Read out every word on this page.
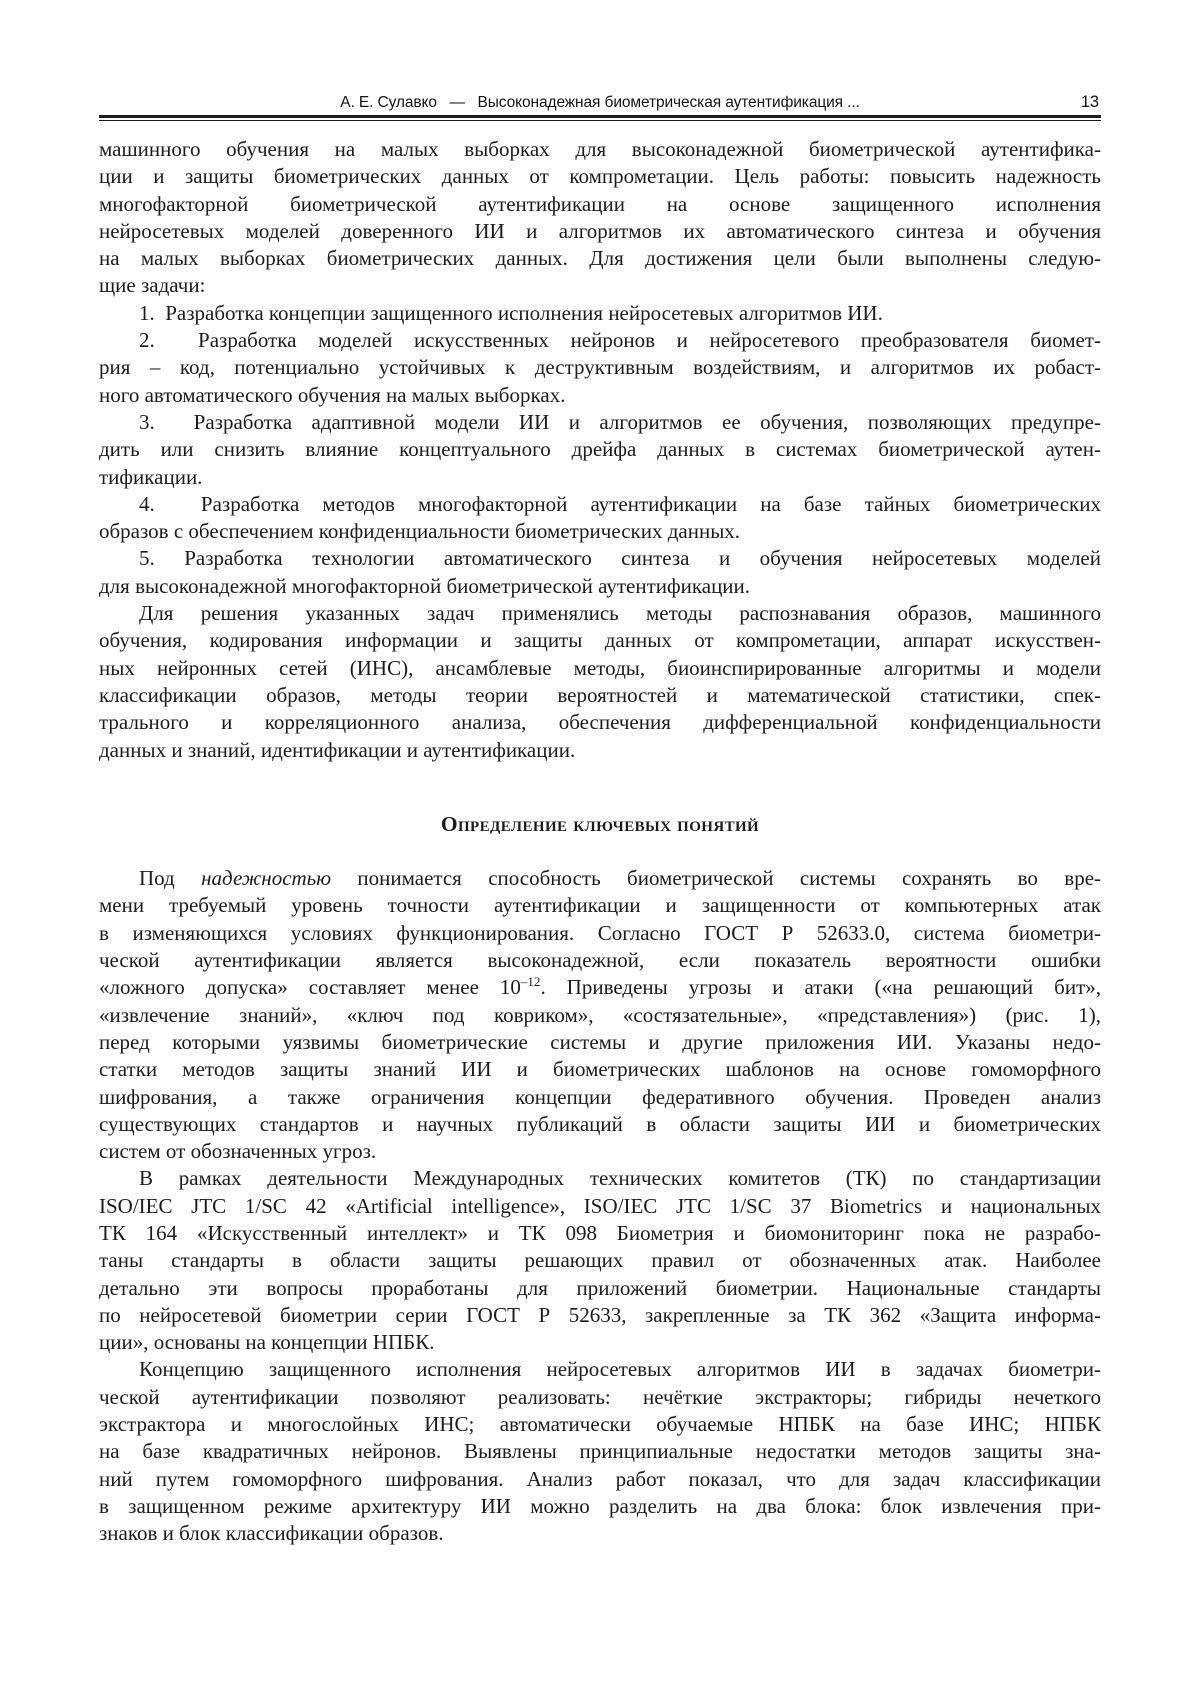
А. Е. Сулавко   —   Высоконадежная биометрическая аутентификация ...	13
машинного обучения на малых выборках для высоконадежной биометрической аутентифика-
ции и защиты биометрических данных от компрометации. Цель работы: повысить надежность
многофакторной биометрической аутентификации на основе защищенного исполнения
нейросетевых моделей доверенного ИИ и алгоритмов их автоматического синтеза и обучения
на малых выборках биометрических данных. Для достижения цели были выполнены следую-
щие задачи:
1.  Разработка концепции защищенного исполнения нейросетевых алгоритмов ИИ.
2.  Разработка моделей искусственных нейронов и нейросетевого преобразователя биомет-
рия – код, потенциально устойчивых к деструктивным воздействиям, и алгоритмов их робаст-
ного автоматического обучения на малых выборках.
3.  Разработка адаптивной модели ИИ и алгоритмов ее обучения, позволяющих предупре-
дить или снизить влияние концептуального дрейфа данных в системах биометрической аутен-
тификации.
4.  Разработка методов многофакторной аутентификации на базе тайных биометрических
образов с обеспечением конфиденциальности биометрических данных.
5. Разработка технологии автоматического синтеза и обучения нейросетевых моделей
для высоконадежной многофакторной биометрической аутентификации.
Для решения указанных задач применялись методы распознавания образов, машинного
обучения, кодирования информации и защиты данных от компрометации, аппарат искусствен-
ных нейронных сетей (ИНС), ансамблевые методы, биоинспирированные алгоритмы и модели
классификации образов, методы теории вероятностей и математической статистики, спек-
трального и корреляционного анализа, обеспечения дифференциальной конфиденциальности
данных и знаний, идентификации и аутентификации.
Определение ключевых понятий
Под надежностью понимается способность биометрической системы сохранять во вре-
мени требуемый уровень точности аутентификации и защищенности от компьютерных атак
в изменяющихся условиях функционирования. Согласно ГОСТ Р 52633.0, система биометри-
ческой аутентификации является высоконадежной, если показатель вероятности ошибки
«ложного допуска» составляет менее $10^{-12}$. Приведены угрозы и атаки («на решающий бит»,
«извлечение знаний», «ключ под ковриком», «состязательные», «представления») (рис. 1),
перед которыми уязвимы биометрические системы и другие приложения ИИ. Указаны недо-
статки методов защиты знаний ИИ и биометрических шаблонов на основе гомоморфного
шифрования, а также ограничения концепции федеративного обучения. Проведен анализ
существующих стандартов и научных публикаций в области защиты ИИ и биометрических
систем от обозначенных угроз.
В рамках деятельности Международных технических комитетов (ТК) по стандартизации
ISO/IEC JTC 1/SC 42 «Artificial intelligence», ISO/IEC JTC 1/SC 37 Biometrics и национальных
ТК 164 «Искусственный интеллект» и ТК 098 Биометрия и биомониторинг пока не разрабо-
таны стандарты в области защиты решающих правил от обозначенных атак. Наиболее
детально эти вопросы проработаны для приложений биометрии. Национальные стандарты
по нейросетевой биометрии серии ГОСТ Р 52633, закрепленные за ТК 362 «Защита информа-
ции», основаны на концепции НПБК.
Концепцию защищенного исполнения нейросетевых алгоритмов ИИ в задачах биометри-
ческой аутентификации позволяют реализовать: нечёткие экстракторы; гибриды нечеткого
экстрактора и многослойных ИНС; автоматически обучаемые НПБК на базе ИНС; НПБК
на базе квадратичных нейронов. Выявлены принципиальные недостатки методов защиты зна-
ний путем гомоморфного шифрования. Анализ работ показал, что для задач классификации
в защищенном режиме архитектуру ИИ можно разделить на два блока: блок извлечения при-
знаков и блок классификации образов.
